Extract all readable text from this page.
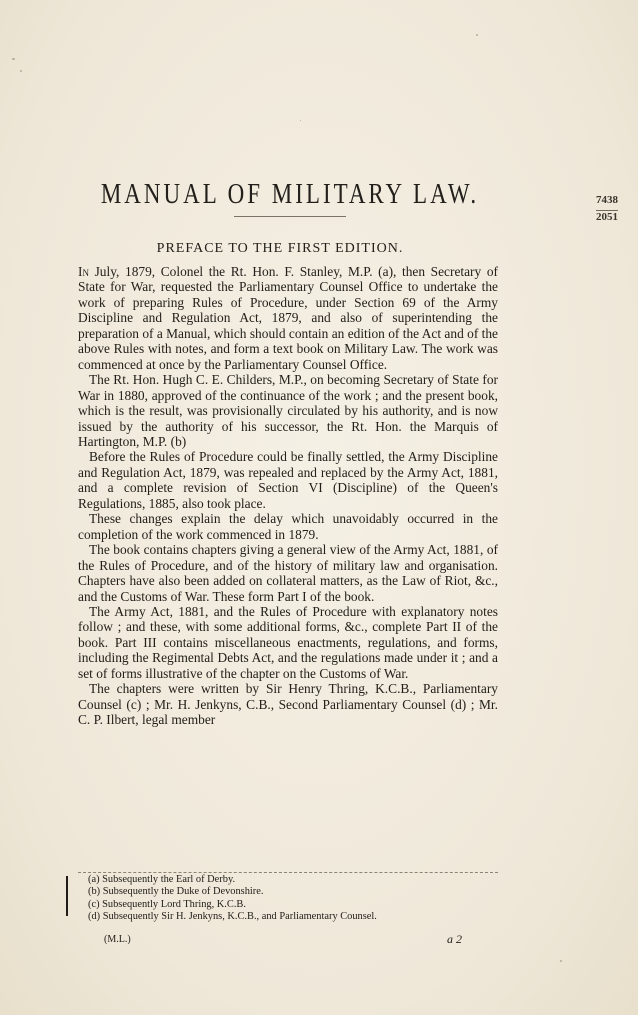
MANUAL OF MILITARY LAW.	7438
2051
PREFACE TO THE FIRST EDITION.

In July, 1879, Colonel the Rt. Hon. F. Stanley, M.P. (a), then Secretary of State for War, requested the Parliamentary Counsel Office to undertake the work of preparing Rules of Procedure, under Section 69 of the Army Discipline and Regulation Act, 1879, and also of superintending the preparation of a Manual, which should contain an edition of the Act and of the above Rules with notes, and form a text book on Military Law. The work was commenced at once by the Parliamentary Counsel Office.

The Rt. Hon. Hugh C. E. Childers, M.P., on becoming Secretary of State for War in 1880, approved of the continuance of the work ; and the present book, which is the result, was provisionally circulated by his authority, and is now issued by the authority of his successor, the Rt. Hon. the Marquis of Hartington, M.P. (b)

Before the Rules of Procedure could be finally settled, the Army Discipline and Regulation Act, 1879, was repealed and replaced by the Army Act, 1881, and a complete revision of Section VI (Discipline) of the Queen's Regulations, 1885, also took place.

These changes explain the delay which unavoidably occurred in the completion of the work commenced in 1879.

The book contains chapters giving a general view of the Army Act, 1881, of the Rules of Procedure, and of the history of military law and organisation. Chapters have also been added on collateral matters, as the Law of Riot, &c., and the Customs of War. These form Part I of the book.

The Army Act, 1881, and the Rules of Procedure with explanatory notes follow ; and these, with some additional forms, &c., complete Part II of the book. Part III contains miscellaneous enactments, regulations, and forms, including the Regimental Debts Act, and the regulations made under it ; and a set of forms illustrative of the chapter on the Customs of War.

The chapters were written by Sir Henry Thring, K.C.B., Parliamentary Counsel (c) ; Mr. H. Jenkyns, C.B., Second Parliamentary Counsel (d) ; Mr. C. P. Ilbert, legal member

(a) Subsequently the Earl of Derby.
(b) Subsequently the Duke of Devonshire.
(c) Subsequently Lord Thring, K.C.B.
(d) Subsequently Sir H. Jenkyns, K.C.B., and Parliamentary Counsel.
(M.L.)	a 2
